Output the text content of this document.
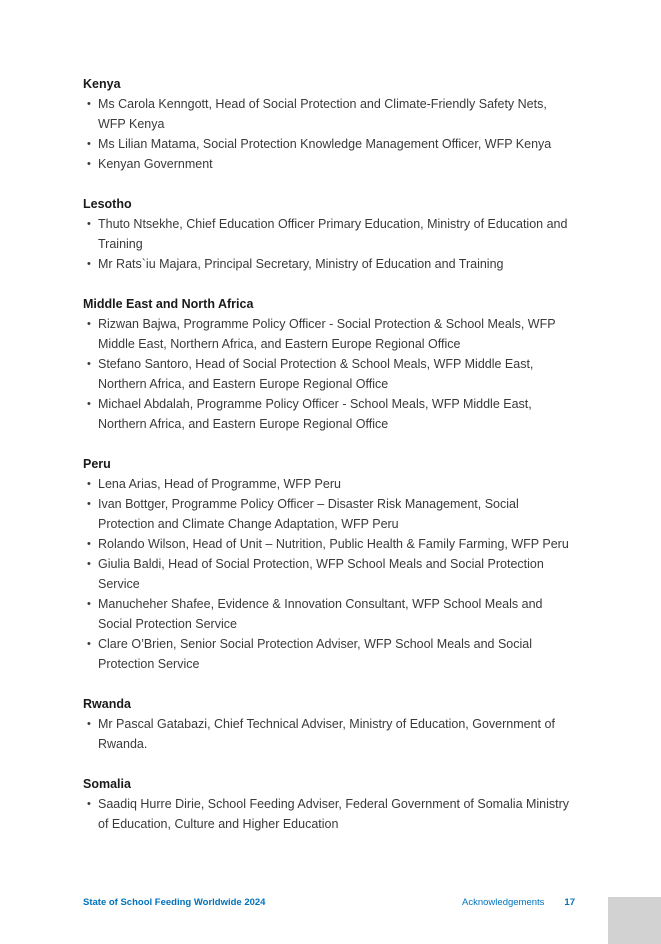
Kenya
• Ms Carola Kenngott, Head of Social Protection and Climate-Friendly Safety Nets, WFP Kenya
• Ms Lilian Matama, Social Protection Knowledge Management Officer, WFP Kenya
• Kenyan Government
Lesotho
• Thuto Ntsekhe, Chief Education Officer Primary Education, Ministry of Education and Training
• Mr Rats`iu Majara, Principal Secretary, Ministry of Education and Training
Middle East and North Africa
• Rizwan Bajwa, Programme Policy Officer - Social Protection & School Meals, WFP Middle East, Northern Africa, and Eastern Europe Regional Office
• Stefano Santoro, Head of Social Protection & School Meals, WFP Middle East, Northern Africa, and Eastern Europe Regional Office
• Michael Abdalah, Programme Policy Officer - School Meals, WFP Middle East, Northern Africa, and Eastern Europe Regional Office
Peru
• Lena Arias, Head of Programme, WFP Peru
• Ivan Bottger, Programme Policy Officer – Disaster Risk Management, Social Protection and Climate Change Adaptation, WFP Peru
• Rolando Wilson, Head of Unit – Nutrition, Public Health & Family Farming, WFP Peru
• Giulia Baldi, Head of Social Protection, WFP School Meals and Social Protection Service
• Manucheher Shafee, Evidence & Innovation Consultant, WFP School Meals and Social Protection Service
• Clare O’Brien, Senior Social Protection Adviser, WFP School Meals and Social Protection Service
Rwanda
• Mr Pascal Gatabazi, Chief Technical Adviser, Ministry of Education, Government of Rwanda.
Somalia
• Saadiq Hurre Dirie, School Feeding Adviser, Federal Government of Somalia Ministry of Education, Culture and Higher Education
State of School Feeding Worldwide 2024	Acknowledgements 17
